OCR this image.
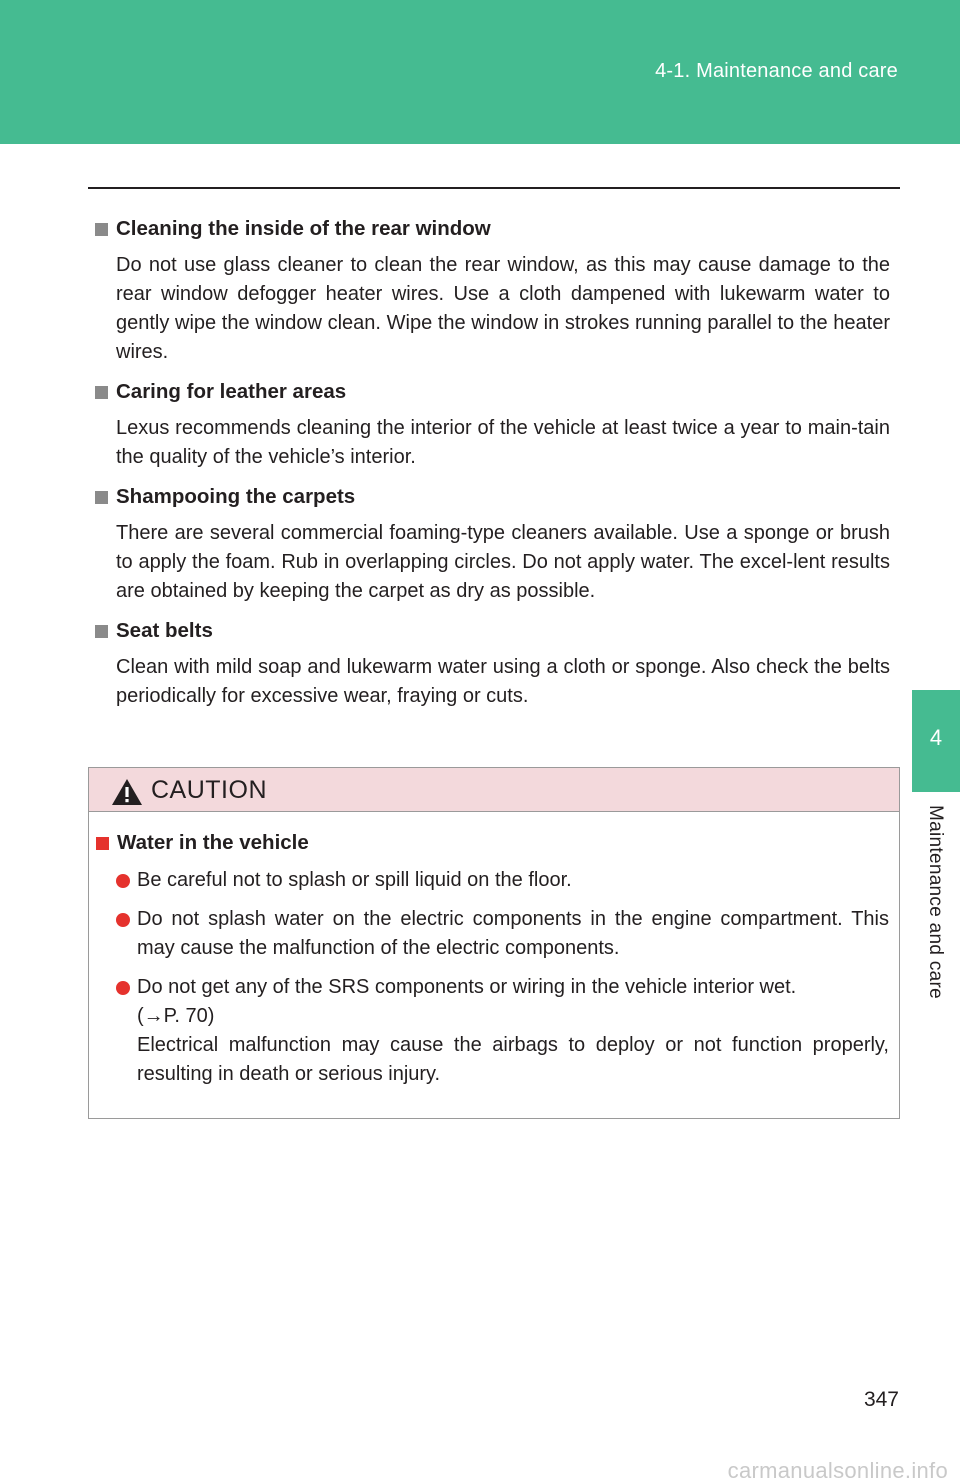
4-1. Maintenance and care
4
Maintenance and care
Cleaning the inside of the rear window
Do not use glass cleaner to clean the rear window, as this may cause damage to the rear window defogger heater wires. Use a cloth dampened with lukewarm water to gently wipe the window clean. Wipe the window in strokes running parallel to the heater wires.
Caring for leather areas
Lexus recommends cleaning the interior of the vehicle at least twice a year to main-tain the quality of the vehicle’s interior.
Shampooing the carpets
There are several commercial foaming-type cleaners available. Use a sponge or brush to apply the foam. Rub in overlapping circles. Do not apply water. The excel-lent results are obtained by keeping the carpet as dry as possible.
Seat belts
Clean with mild soap and lukewarm water using a cloth or sponge. Also check the belts periodically for excessive wear, fraying or cuts.
CAUTION
Water in the vehicle
Be careful not to splash or spill liquid on the floor.
Do not splash water on the electric components in the engine compartment. This may cause the malfunction of the electric components.
Do not get any of the SRS components or wiring in the vehicle interior wet.
(→P. 70)
Electrical malfunction may cause the airbags to deploy or not function properly, resulting in death or serious injury.
347
carmanualsonline.info
